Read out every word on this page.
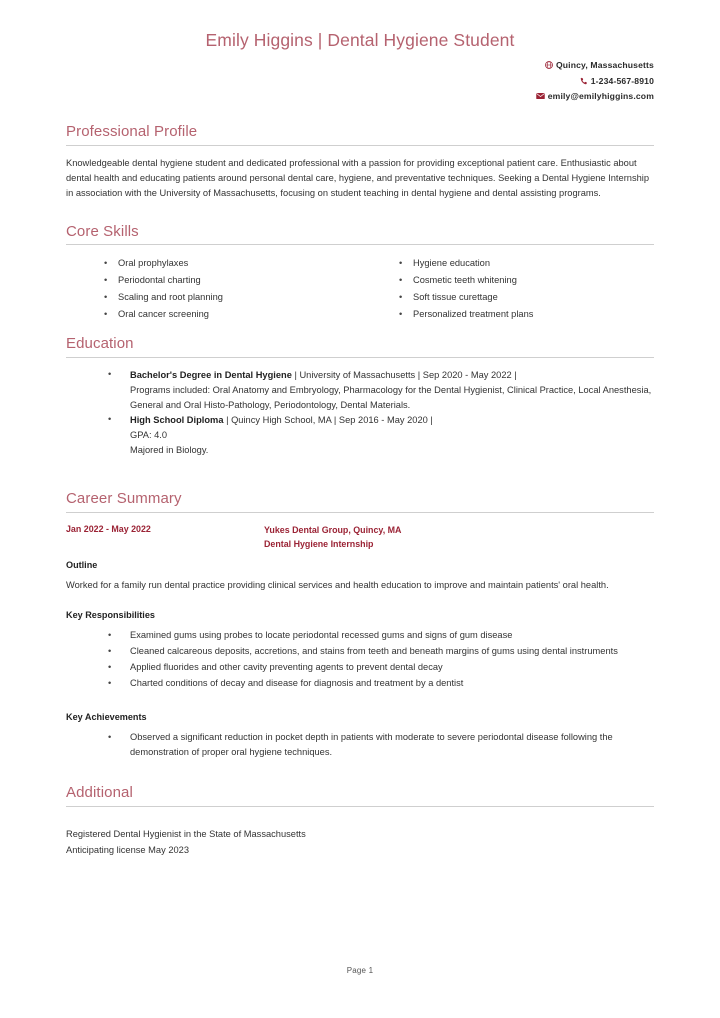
Emily Higgins | Dental Hygiene Student
Quincy, Massachusetts
1-234-567-8910
emily@emilyhiggins.com
Professional Profile

Knowledgeable dental hygiene student and dedicated professional with a passion for providing exceptional patient care. Enthusiastic about dental health and educating patients around personal dental care, hygiene, and preventative techniques. Seeking a Dental Hygiene Internship in association with the University of Massachusetts, focusing on student teaching in dental hygiene and dental assisting programs.

Core Skills
• Oral prophylaxes
• Periodontal charting
• Scaling and root planning
• Oral cancer screening
• Hygiene education
• Cosmetic teeth whitening
• Soft tissue curettage
• Personalized treatment plans
Education
• Bachelor's Degree in Dental Hygiene | University of Massachusetts | Sep 2020 - May 2022 |
Programs included: Oral Anatomy and Embryology, Pharmacology for the Dental Hygienist, Clinical Practice, Local Anesthesia, General and Oral Histo-Pathology, Periodontology, Dental Materials.
• High School Diploma | Quincy High School, MA | Sep 2016 - May 2020 |
GPA: 4.0
Majored in Biology.
Career Summary
Jan 2022 - May 2022	Yukes Dental Group, Quincy, MA
Dental Hygiene Internship
Outline

Worked for a family run dental practice providing clinical services and health education to improve and maintain patients' oral health.

Key Responsibilities
• Examined gums using probes to locate periodontal recessed gums and signs of gum disease
• Cleaned calcareous deposits, accretions, and stains from teeth and beneath margins of gums using dental instruments
• Applied fluorides and other cavity preventing agents to prevent dental decay
• Charted conditions of decay and disease for diagnosis and treatment by a dentist
Key Achievements
• Observed a significant reduction in pocket depth in patients with moderate to severe periodontal disease following the demonstration of proper oral hygiene techniques.
Additional
Registered Dental Hygienist in the State of Massachusetts
Anticipating license May 2023
Page 1
